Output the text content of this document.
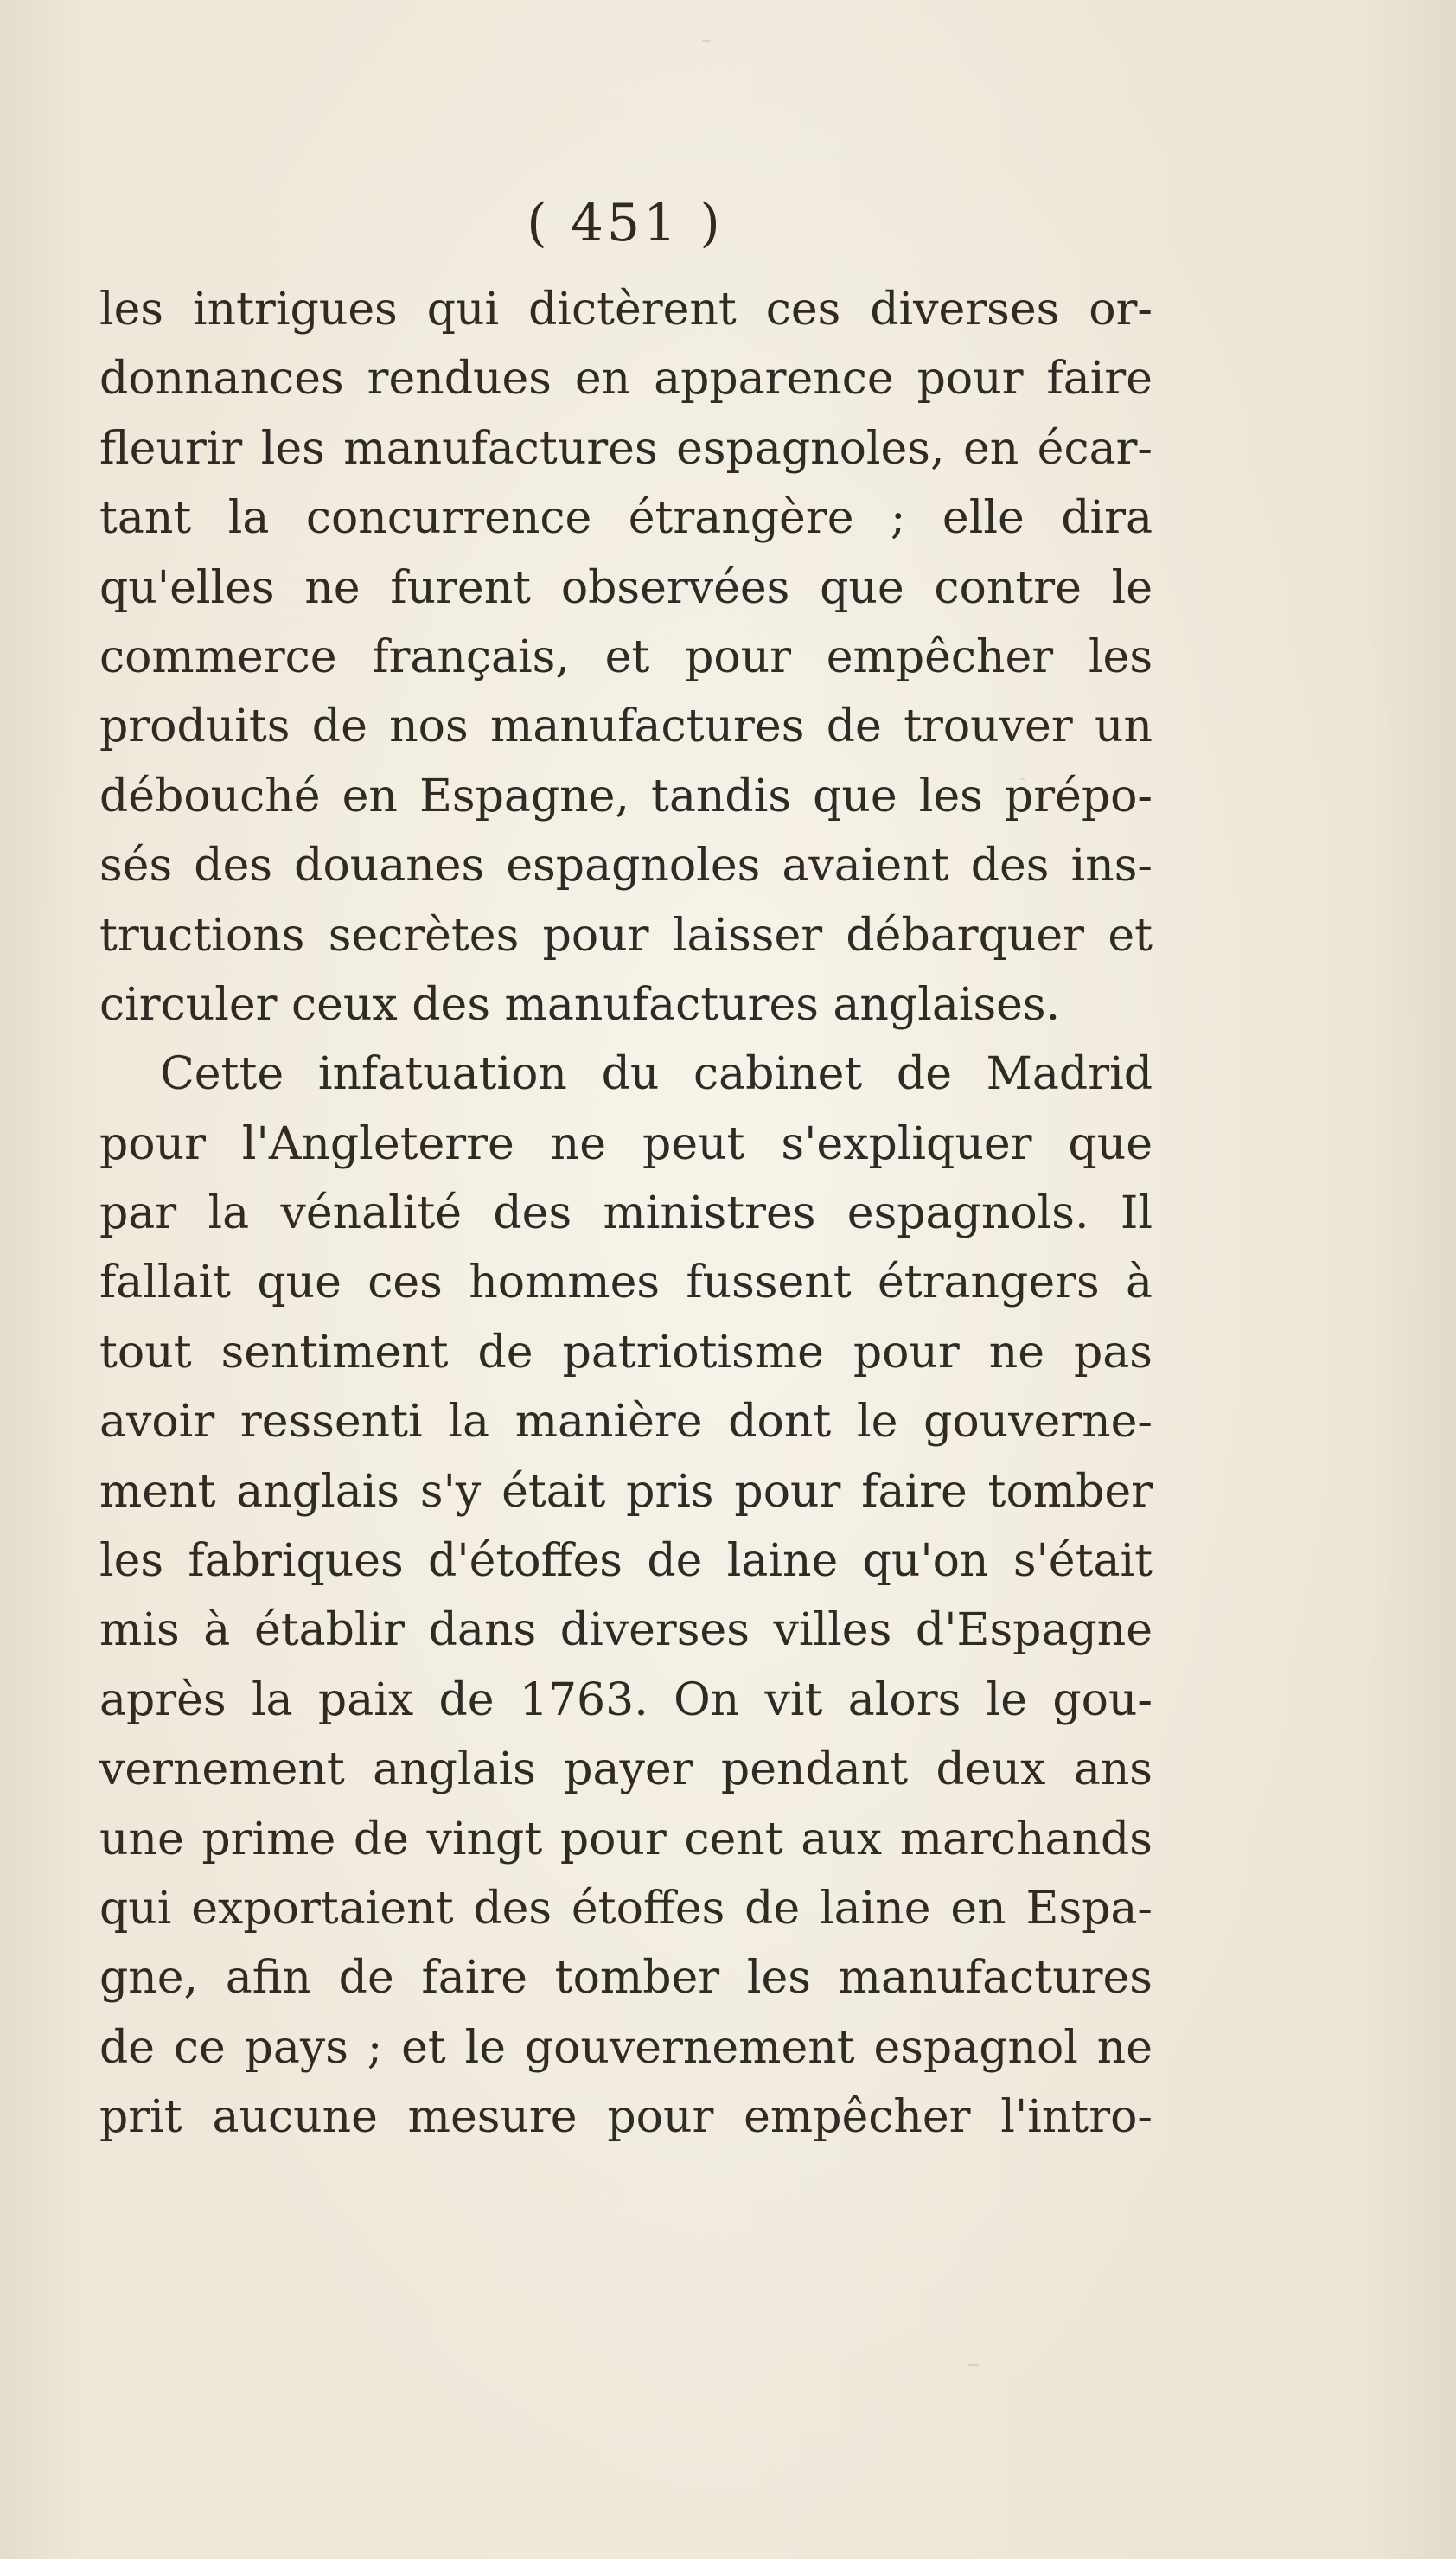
( 451 )
les intrigues qui dictèrent ces diverses or-
donnances rendues en apparence pour faire
fleurir les manufactures espagnoles, en écar-
tant la concurrence étrangère ; elle dira
qu'elles ne furent observées que contre le
commerce français, et pour empêcher les
produits de nos manufactures de trouver un
débouché en Espagne, tandis que les prépo-
sés des douanes espagnoles avaient des ins-
tructions secrètes pour laisser débarquer et
circuler ceux des manufactures anglaises.
Cette infatuation du cabinet de Madrid
pour l'Angleterre ne peut s'expliquer que
par la vénalité des ministres espagnols. Il
fallait que ces hommes fussent étrangers à
tout sentiment de patriotisme pour ne pas
avoir ressenti la manière dont le gouverne-
ment anglais s'y était pris pour faire tomber
les fabriques d'étoffes de laine qu'on s'était
mis à établir dans diverses villes d'Espagne
après la paix de 1763. On vit alors le gou-
vernement anglais payer pendant deux ans
une prime de vingt pour cent aux marchands
qui exportaient des étoffes de laine en Espa-
gne, afin de faire tomber les manufactures
de ce pays ; et le gouvernement espagnol ne
prit aucune mesure pour empêcher l'intro-
